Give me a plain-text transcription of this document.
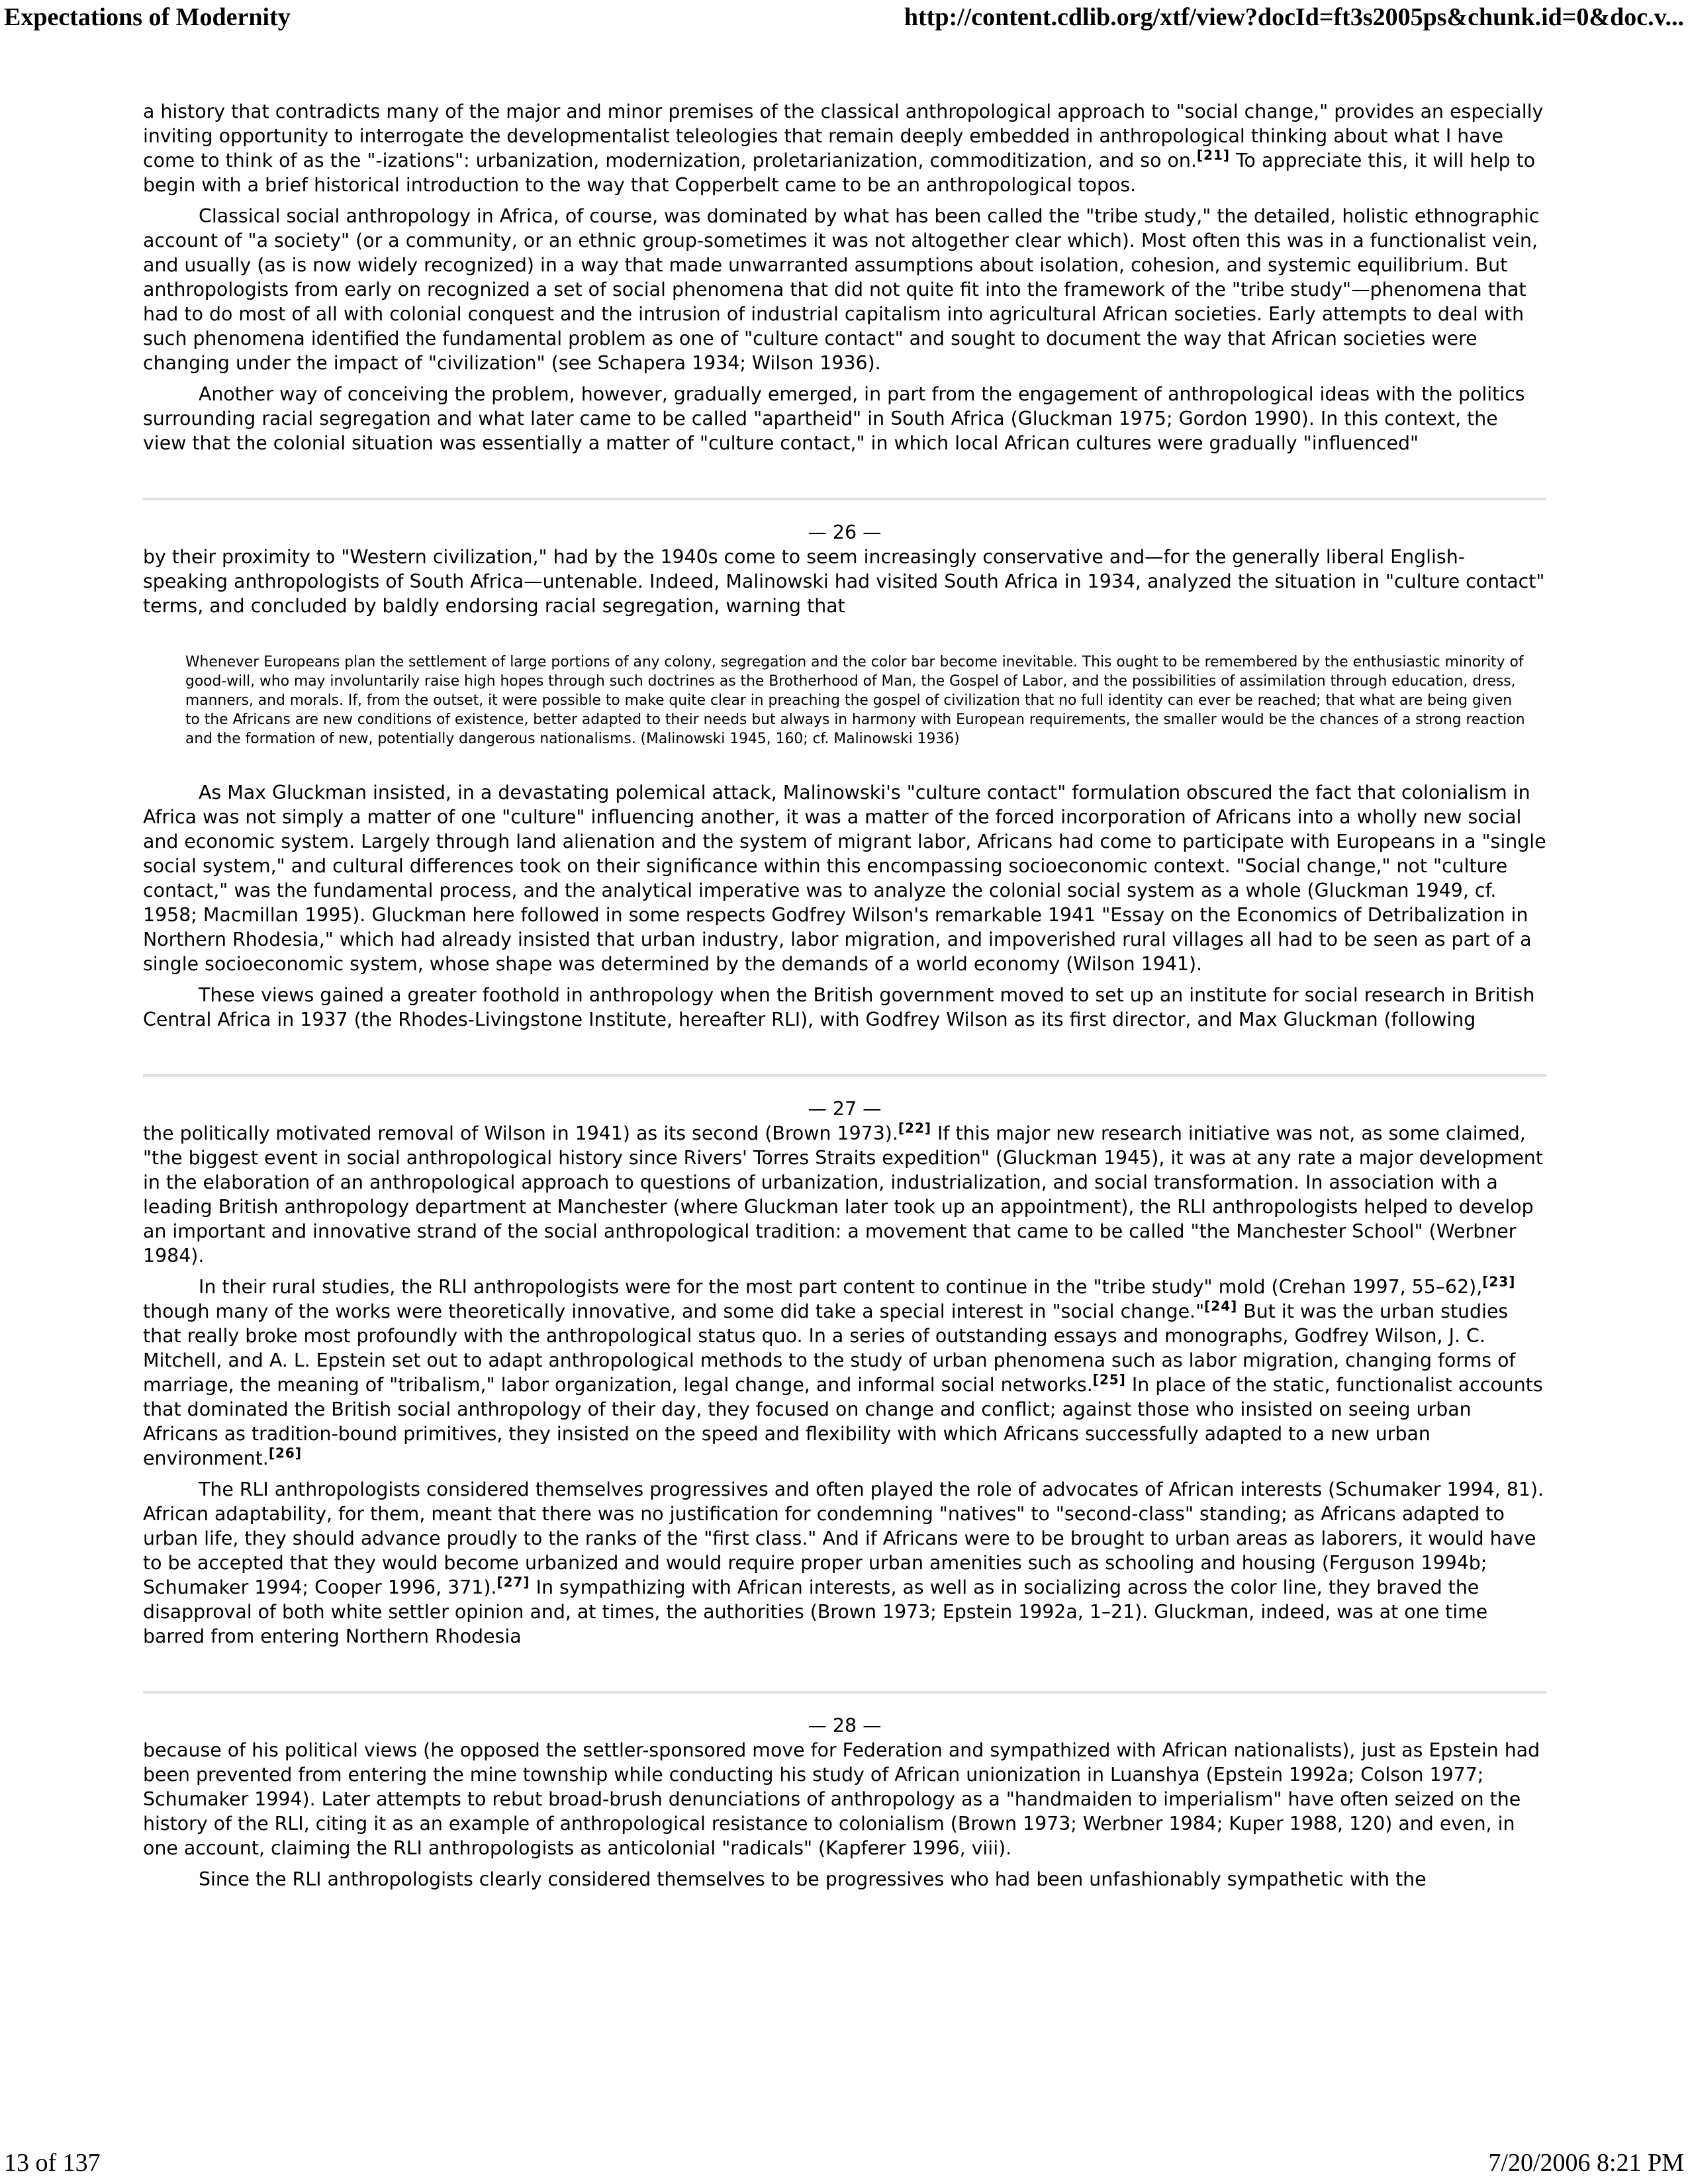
Expectations of Modernity	http://content.cdlib.org/xtf/view?docId=ft3s2005ps&chunk.id=0&doc.v...

a history that contradicts many of the major and minor premises of the classical anthropological approach to "social change," provides an especially inviting opportunity to interrogate the developmentalist teleologies that remain deeply embedded in anthropological thinking about what I have come to think of as the "-izations": urbanization, modernization, proletarianization, commoditization, and so on.[21] To appreciate this, it will help to begin with a brief historical introduction to the way that Copperbelt came to be an anthropological topos.

Classical social anthropology in Africa, of course, was dominated by what has been called the "tribe study," the detailed, holistic ethnographic account of "a society" (or a community, or an ethnic group-sometimes it was not altogether clear which). Most often this was in a functionalist vein, and usually (as is now widely recognized) in a way that made unwarranted assumptions about isolation, cohesion, and systemic equilibrium. But anthropologists from early on recognized a set of social phenomena that did not quite fit into the framework of the "tribe study"—phenomena that had to do most of all with colonial conquest and the intrusion of industrial capitalism into agricultural African societies. Early attempts to deal with such phenomena identified the fundamental problem as one of "culture contact" and sought to document the way that African societies were changing under the impact of "civilization" (see Schapera 1934; Wilson 1936).

Another way of conceiving the problem, however, gradually emerged, in part from the engagement of anthropological ideas with the politics surrounding racial segregation and what later came to be called "apartheid" in South Africa (Gluckman 1975; Gordon 1990). In this context, the view that the colonial situation was essentially a matter of "culture contact," in which local African cultures were gradually "influenced"

— 26 —

by their proximity to "Western civilization," had by the 1940s come to seem increasingly conservative and—for the generally liberal English-speaking anthropologists of South Africa—untenable. Indeed, Malinowski had visited South Africa in 1934, analyzed the situation in "culture contact" terms, and concluded by baldly endorsing racial segregation, warning that

Whenever Europeans plan the settlement of large portions of any colony, segregation and the color bar become inevitable. This ought to be remembered by the enthusiastic minority of good-will, who may involuntarily raise high hopes through such doctrines as the Brotherhood of Man, the Gospel of Labor, and the possibilities of assimilation through education, dress, manners, and morals. If, from the outset, it were possible to make quite clear in preaching the gospel of civilization that no full identity can ever be reached; that what are being given to the Africans are new conditions of existence, better adapted to their needs but always in harmony with European requirements, the smaller would be the chances of a strong reaction and the formation of new, potentially dangerous nationalisms. (Malinowski 1945, 160; cf. Malinowski 1936)

As Max Gluckman insisted, in a devastating polemical attack, Malinowski's "culture contact" formulation obscured the fact that colonialism in Africa was not simply a matter of one "culture" influencing another, it was a matter of the forced incorporation of Africans into a wholly new social and economic system. Largely through land alienation and the system of migrant labor, Africans had come to participate with Europeans in a "single social system," and cultural differences took on their significance within this encompassing socioeconomic context. "Social change," not "culture contact," was the fundamental process, and the analytical imperative was to analyze the colonial social system as a whole (Gluckman 1949, cf. 1958; Macmillan 1995). Gluckman here followed in some respects Godfrey Wilson's remarkable 1941 "Essay on the Economics of Detribalization in Northern Rhodesia," which had already insisted that urban industry, labor migration, and impoverished rural villages all had to be seen as part of a single socioeconomic system, whose shape was determined by the demands of a world economy (Wilson 1941).

These views gained a greater foothold in anthropology when the British government moved to set up an institute for social research in British Central Africa in 1937 (the Rhodes-Livingstone Institute, hereafter RLI), with Godfrey Wilson as its first director, and Max Gluckman (following

— 27 —

the politically motivated removal of Wilson in 1941) as its second (Brown 1973).[22] If this major new research initiative was not, as some claimed, "the biggest event in social anthropological history since Rivers' Torres Straits expedition" (Gluckman 1945), it was at any rate a major development in the elaboration of an anthropological approach to questions of urbanization, industrialization, and social transformation. In association with a leading British anthropology department at Manchester (where Gluckman later took up an appointment), the RLI anthropologists helped to develop an important and innovative strand of the social anthropological tradition: a movement that came to be called "the Manchester School" (Werbner 1984).

In their rural studies, the RLI anthropologists were for the most part content to continue in the "tribe study" mold (Crehan 1997, 55–62),[23] though many of the works were theoretically innovative, and some did take a special interest in "social change."[24] But it was the urban studies that really broke most profoundly with the anthropological status quo. In a series of outstanding essays and monographs, Godfrey Wilson, J. C. Mitchell, and A. L. Epstein set out to adapt anthropological methods to the study of urban phenomena such as labor migration, changing forms of marriage, the meaning of "tribalism," labor organization, legal change, and informal social networks.[25] In place of the static, functionalist accounts that dominated the British social anthropology of their day, they focused on change and conflict; against those who insisted on seeing urban Africans as tradition-bound primitives, they insisted on the speed and flexibility with which Africans successfully adapted to a new urban environment.[26]

The RLI anthropologists considered themselves progressives and often played the role of advocates of African interests (Schumaker 1994, 81). African adaptability, for them, meant that there was no justification for condemning "natives" to "second-class" standing; as Africans adapted to urban life, they should advance proudly to the ranks of the "first class." And if Africans were to be brought to urban areas as laborers, it would have to be accepted that they would become urbanized and would require proper urban amenities such as schooling and housing (Ferguson 1994b; Schumaker 1994; Cooper 1996, 371).[27] In sympathizing with African interests, as well as in socializing across the color line, they braved the disapproval of both white settler opinion and, at times, the authorities (Brown 1973; Epstein 1992a, 1–21). Gluckman, indeed, was at one time barred from entering Northern Rhodesia

— 28 —

because of his political views (he opposed the settler-sponsored move for Federation and sympathized with African nationalists), just as Epstein had been prevented from entering the mine township while conducting his study of African unionization in Luanshya (Epstein 1992a; Colson 1977; Schumaker 1994). Later attempts to rebut broad-brush denunciations of anthropology as a "handmaiden to imperialism" have often seized on the history of the RLI, citing it as an example of anthropological resistance to colonialism (Brown 1973; Werbner 1984; Kuper 1988, 120) and even, in one account, claiming the RLI anthropologists as anticolonial "radicals" (Kapferer 1996, viii).

Since the RLI anthropologists clearly considered themselves to be progressives who had been unfashionably sympathetic with the

13 of 137	7/20/2006 8:21 PM
